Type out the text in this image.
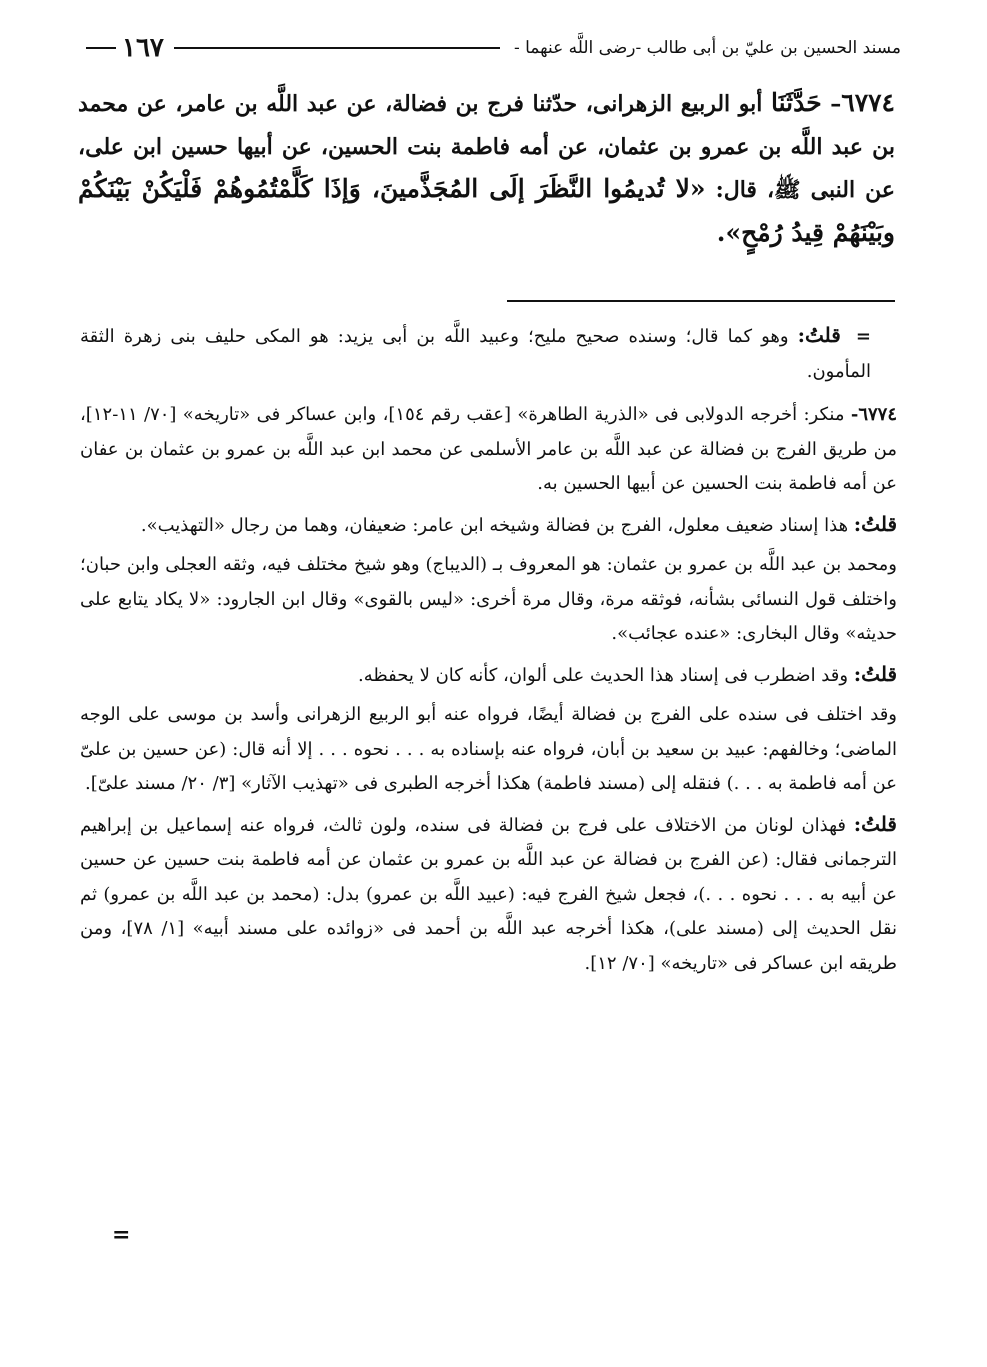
مسند الحسين بن عليّ بن أبى طالب -رضى اللَّه عنهما -
١٦٧
٦٧٧٤– حَدَّثَنَا أبو الربيع الزهرانى، حدّثنا فرج بن فضالة، عن عبد اللَّه بن عامر، عن محمد بن عبد اللَّه بن عمرو بن عثمان، عن أمه فاطمة بنت الحسين، عن أبيها حسين ابن على، عن النبى ﷺ، قال: «لا تُديمُوا النَّظَرَ إلَى المُجَذَّمينَ، وَإذَا كَلَّمْتُمُوهُمْ فَلْيَكُنْ بَيْنَكُمْ وبَيْنَهُمْ قِيدُ رُمْحٍ».

= قلتُ: وهو كما قال؛ وسنده صحيح مليح؛ وعبيد اللَّه بن أبى يزيد: هو المكى حليف بنى زهرة الثقة المأمون.

٦٧٧٤- منكر: أخرجه الدولابى فى «الذرية الطاهرة» [عقب رقم ١٥٤]، وابن عساكر فى «تاريخه» [٧٠/ ١١-١٢]، من طريق الفرج بن فضالة عن عبد اللَّه بن عامر الأسلمى عن محمد ابن عبد اللَّه بن عمرو بن عثمان بن عفان عن أمه فاطمة بنت الحسين عن أبيها الحسين به.

قلتُ: هذا إسناد ضعيف معلول، الفرج بن فضالة وشيخه ابن عامر: ضعيفان، وهما من رجال «التهذيب».

ومحمد بن عبد اللَّه بن عمرو بن عثمان: هو المعروف بـ (الديباج) وهو شيخ مختلف فيه، وثقه العجلى وابن حبان؛ واختلف قول النسائى بشأنه، فوثقه مرة، وقال مرة أخرى: «ليس بالقوى» وقال ابن الجارود: «لا يكاد يتابع على حديثه» وقال البخارى: «عنده عجائب».

قلتُ: وقد اضطرب فى إسناد هذا الحديث على ألوان، كأنه كان لا يحفظه.

وقد اختلف فى سنده على الفرج بن فضالة أيضًا، فرواه عنه أبو الربيع الزهرانى وأسد بن موسى على الوجه الماضى؛ وخالفهم: عبيد بن سعيد بن أبان، فرواه عنه بإسناده به . . . نحوه . . . إلا أنه قال: (عن حسين بن علىّ عن أمه فاطمة به . . .) فنقله إلى (مسند فاطمة) هكذا أخرجه الطبرى فى «تهذيب الآثار» [٣/ ٢٠/ مسند علىّ].

قلتُ: فهذان لونان من الاختلاف على فرج بن فضالة فى سنده، ولون ثالث، فرواه عنه إسماعيل بن إبراهيم الترجمانى فقال: (عن الفرج بن فضالة عن عبد اللَّه بن عمرو بن عثمان عن أمه فاطمة بنت حسين عن حسين عن أبيه به . . . نحوه . . .)، فجعل شيخ الفرج فيه: (عبيد اللَّه بن عمرو) بدل: (محمد بن عبد اللَّه بن عمرو) ثم نقل الحديث إلى (مسند على)، هكذا أخرجه عبد اللَّه بن أحمد فى «زوائده على مسند أبيه» [١/ ٧٨]، ومن طريقه ابن عساكر فى «تاريخه» [٧٠/ ١٢].

=
